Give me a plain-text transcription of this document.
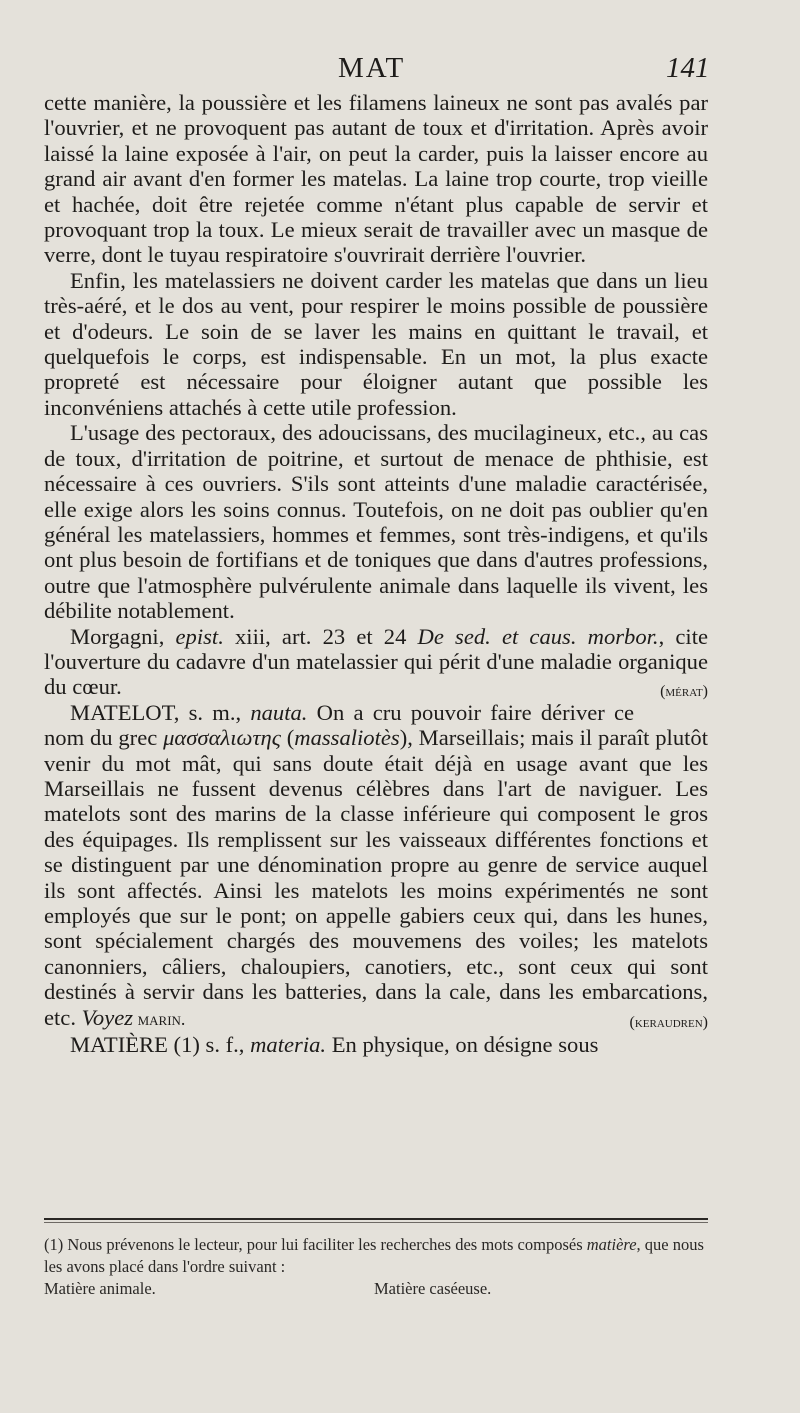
MAT	141

cette manière, la poussière et les filamens laineux ne sont pas avalés par l'ouvrier, et ne provoquent pas autant de toux et d'irritation. Après avoir laissé la laine exposée à l'air, on peut la carder, puis la laisser encore au grand air avant d'en former les matelas. La laine trop courte, trop vieille et hachée, doit être rejetée comme n'étant plus capable de servir et provoquant trop la toux. Le mieux serait de travailler avec un masque de verre, dont le tuyau respiratoire s'ouvrirait derrière l'ouvrier.

Enfin, les matelassiers ne doivent carder les matelas que dans un lieu très-aéré, et le dos au vent, pour respirer le moins possible de poussière et d'odeurs. Le soin de se laver les mains en quittant le travail, et quelquefois le corps, est indispensable. En un mot, la plus exacte propreté est nécessaire pour éloigner autant que possible les inconvéniens attachés à cette utile profession.

L'usage des pectoraux, des adoucissans, des mucilagineux, etc., au cas de toux, d'irritation de poitrine, et surtout de menace de phthisie, est nécessaire à ces ouvriers. S'ils sont atteints d'une maladie caractérisée, elle exige alors les soins connus. Toutefois, on ne doit pas oublier qu'en général les matelassiers, hommes et femmes, sont très-indigens, et qu'ils ont plus besoin de fortifians et de toniques que dans d'autres professions, outre que l'atmosphère pulvérulente animale dans laquelle ils vivent, les débilite notablement.

Morgagni, epist. xiii, art. 23 et 24 De sed. et caus. morbor., cite l'ouverture du cadavre d'un matelassier qui périt d'une maladie organique du cœur.	(mérat)

MATELOT, s. m., nauta. On a cru pouvoir faire dériver ce nom du grec μασσαλιωτης (massaliotès), Marseillais; mais il paraît plutôt venir du mot mât, qui sans doute était déjà en usage avant que les Marseillais ne fussent devenus célèbres dans l'art de naviguer. Les matelots sont des marins de la classe inférieure qui composent le gros des équipages. Ils remplissent sur les vaisseaux différentes fonctions et se distinguent par une dénomination propre au genre de service auquel ils sont affectés. Ainsi les matelots les moins expérimentés ne sont employés que sur le pont; on appelle gabiers ceux qui, dans les hunes, sont spécialement chargés des mouvemens des voiles; les matelots canonniers, câliers, chaloupiers, canotiers, etc., sont ceux qui sont destinés à servir dans les batteries, dans la cale, dans les embarcations, etc. Voyez marin.	(keraudren)

MATIÈRE (1) s. f., materia. En physique, on désigne sous

(1) Nous prévenons le lecteur, pour lui faciliter les recherches des mots composés matière, que nous les avons placé dans l'ordre suivant :
Matière animale.	Matière caséeuse.
